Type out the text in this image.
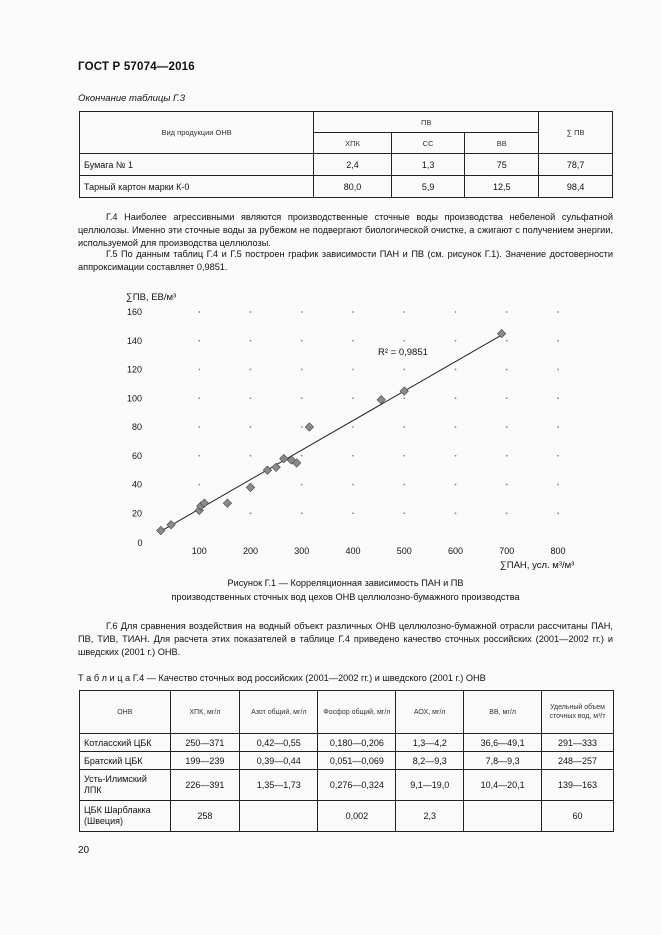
ГОСТ Р 57074—2016
Окончание таблицы Г.3
Вид продукции ОНВ	ПВ			∑ ПВ
	ХПК	СС	ВВ	
Бумага № 1	2,4	1,3	75	78,7
Тарный картон марки К-0	80,0	5,9	12,5	98,4
Г.4 Наиболее агрессивными являются производственные сточные воды производства небеленой сульфатной целлюлозы. Именно эти сточные воды за рубежом не подвергают биологической очистке, а сжигают с получением энергии, используемой для производства целлюлозы.
Г.5 По данным таблиц Г.4 и Г.5 построен график зависимости ПАН и ПВ (см. рисунок Г.1). Значение достоверности аппроксимации составляет 0,9851.
∑ПВ, ЕВ/м³
∑ПАН, усл. м³/м³
R² = 0,9851
20
40
60
80
100
120
140
160
0
100	200	300	400	500	600	700	800
Рисунок Г.1 — Корреляционная зависимость ПАН и ПВ
производственных сточных вод цехов ОНВ целлюлозно-бумажного производства
Г.6 Для сравнения воздействия на водный объект различных ОНВ целлюлозно-бумажной отрасли рассчитаны ПАН, ПВ, ТИВ, ТИАН. Для расчета этих показателей в таблице Г.4 приведено качество сточных российских (2001—2002 гг.) и шведских (2001 г.) ОНВ.
Т а б л и ц а Г.4 — Качество сточных вод российских (2001—2002 гг.) и шведского (2001 г.) ОНВ
ОНВ	ХПК, мг/л	Азот общий, мг/л	Фосфор общий, мг/л	АОХ, мг/л	ВВ, мг/л	Удельный объем сточных вод, м³/т
Котласский ЦБК	250—371	0,42—0,55	0,180—0,206	1,3—4,2	36,6—49,1	291—333
Братский ЦБК	199—239	0,39—0,44	0,051—0,069	8,2—9,3	7,8—9,3	248—257
Усть-Илимский ЛПК	226—391	1,35—1,73	0,276—0,324	9,1—19,0	10,4—20,1	139—163
ЦБК Шарблакка (Швеция)	258		0,002	2,3		60
20
